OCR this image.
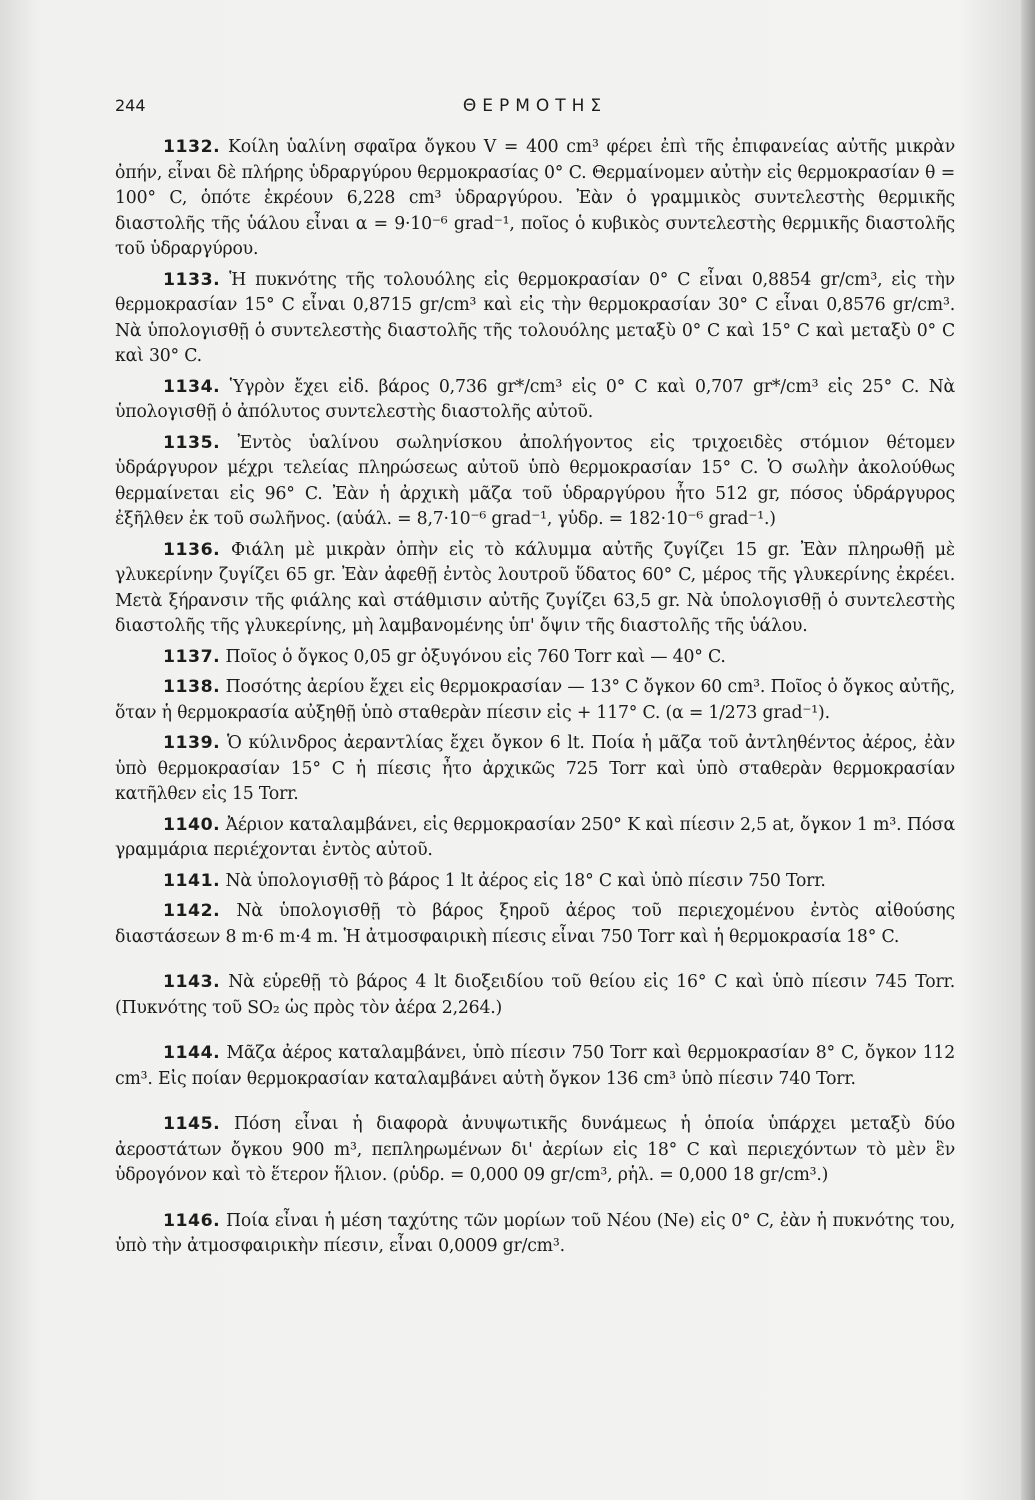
244	ΘΕΡΜΟΤΗΣ

1132. Κοίλη ὑαλίνη σφαῖρα ὄγκου V = 400 cm³ φέρει ἐπὶ τῆς ἐπιφανείας αὐτῆς μικρὰν ὀπήν, εἶναι δὲ πλήρης ὑδραργύρου θερμοκρασίας 0° C. Θερμαίνομεν αὐτὴν εἰς θερμοκρασίαν θ = 100° C, ὁπότε ἐκρέουν 6,228 cm³ ὑδραργύρου. Ἐὰν ὁ γραμμικὸς συντελεστὴς θερμικῆς διαστολῆς τῆς ὑάλου εἶναι α = 9·10⁻⁶ grad⁻¹, ποῖος ὁ κυβικὸς συντελεστὴς θερμικῆς διαστολῆς τοῦ ὑδραργύρου.

1133. Ἡ πυκνότης τῆς τολουόλης εἰς θερμοκρασίαν 0° C εἶναι 0,8854 gr/cm³, εἰς τὴν θερμοκρασίαν 15° C εἶναι 0,8715 gr/cm³ καὶ εἰς τὴν θερμοκρασίαν 30° C εἶναι 0,8576 gr/cm³. Νὰ ὑπολογισθῇ ὁ συντελεστὴς διαστολῆς τῆς τολουόλης μεταξὺ 0° C καὶ 15° C καὶ μεταξὺ 0° C καὶ 30° C.

1134. Ὑγρὸν ἔχει εἰδ. βάρος 0,736 gr*/cm³ εἰς 0° C καὶ 0,707 gr*/cm³ εἰς 25° C. Νὰ ὑπολογισθῇ ὁ ἀπόλυτος συντελεστὴς διαστολῆς αὐτοῦ.

1135. Ἐντὸς ὑαλίνου σωληνίσκου ἀπολήγοντος εἰς τριχοειδὲς στόμιον θέτομεν ὑδράργυρον μέχρι τελείας πληρώσεως αὐτοῦ ὑπὸ θερμοκρασίαν 15° C. Ὁ σωλὴν ἀκολούθως θερμαίνεται εἰς 96° C. Ἐὰν ἡ ἀρχικὴ μᾶζα τοῦ ὑδραργύρου ἦτο 512 gr, πόσος ὑδράργυρος ἐξῆλθεν ἐκ τοῦ σωλῆνος. (αὑάλ. = 8,7·10⁻⁶ grad⁻¹, γὑδρ. = 182·10⁻⁶ grad⁻¹.)

1136. Φιάλη μὲ μικρὰν ὀπὴν εἰς τὸ κάλυμμα αὐτῆς ζυγίζει 15 gr. Ἐὰν πληρωθῇ μὲ γλυκερίνην ζυγίζει 65 gr. Ἐὰν ἀφεθῇ ἐντὸς λουτροῦ ὕδατος 60° C, μέρος τῆς γλυκερίνης ἐκρέει. Μετὰ ξήρανσιν τῆς φιάλης καὶ στάθμισιν αὐτῆς ζυγίζει 63,5 gr. Νὰ ὑπολογισθῇ ὁ συντελεστὴς διαστολῆς τῆς γλυκερίνης, μὴ λαμβανομένης ὑπ' ὄψιν τῆς διαστολῆς τῆς ὑάλου.

1137. Ποῖος ὁ ὄγκος 0,05 gr ὀξυγόνου εἰς 760 Torr καὶ — 40° C.

1138. Ποσότης ἀερίου ἔχει εἰς θερμοκρασίαν — 13° C ὄγκον 60 cm³. Ποῖος ὁ ὄγκος αὐτῆς, ὅταν ἡ θερμοκρασία αὐξηθῇ ὑπὸ σταθερὰν πίεσιν εἰς + 117° C. (α = 1/273 grad⁻¹).

1139. Ὁ κύλινδρος ἀεραντλίας ἔχει ὄγκον 6 lt. Ποία ἡ μᾶζα τοῦ ἀντληθέντος ἀέρος, ἐὰν ὑπὸ θερμοκρασίαν 15° C ἡ πίεσις ἦτο ἀρχικῶς 725 Torr καὶ ὑπὸ σταθερὰν θερμοκρασίαν κατῆλθεν εἰς 15 Torr.

1140. Ἀέριον καταλαμβάνει, εἰς θερμοκρασίαν 250° K καὶ πίεσιν 2,5 at, ὄγκον 1 m³. Πόσα γραμμάρια περιέχονται ἐντὸς αὐτοῦ.

1141. Νὰ ὑπολογισθῇ τὸ βάρος 1 lt ἀέρος εἰς 18° C καὶ ὑπὸ πίεσιν 750 Torr.

1142. Νὰ ὑπολογισθῇ τὸ βάρος ξηροῦ ἀέρος τοῦ περιεχομένου ἐντὸς αἰθούσης διαστάσεων 8 m·6 m·4 m. Ἡ ἀτμοσφαιρικὴ πίεσις εἶναι 750 Torr καὶ ἡ θερμοκρασία 18° C.

1143. Νὰ εὑρεθῇ τὸ βάρος 4 lt διοξειδίου τοῦ θείου εἰς 16° C καὶ ὑπὸ πίεσιν 745 Torr. (Πυκνότης τοῦ SO₂ ὡς πρὸς τὸν ἀέρα 2,264.)

1144. Μᾶζα ἀέρος καταλαμβάνει, ὑπὸ πίεσιν 750 Torr καὶ θερμοκρασίαν 8° C, ὄγκον 112 cm³. Εἰς ποίαν θερμοκρασίαν καταλαμβάνει αὐτὴ ὄγκον 136 cm³ ὑπὸ πίεσιν 740 Torr.

1145. Πόση εἶναι ἡ διαφορὰ ἀνυψωτικῆς δυνάμεως ἡ ὁποία ὑπάρχει μεταξὺ δύο ἀεροστάτων ὄγκου 900 m³, πεπληρωμένων δι' ἀερίων εἰς 18° C καὶ περιεχόντων τὸ μὲν ἓν ὑδρογόνον καὶ τὸ ἕτερον ἥλιον. (ρὑδρ. = 0,000 09 gr/cm³, ρἡλ. = 0,000 18 gr/cm³.)

1146. Ποία εἶναι ἡ μέση ταχύτης τῶν μορίων τοῦ Νέου (Ne) εἰς 0° C, ἐὰν ἡ πυκνότης του, ὑπὸ τὴν ἀτμοσφαιρικὴν πίεσιν, εἶναι 0,0009 gr/cm³.
